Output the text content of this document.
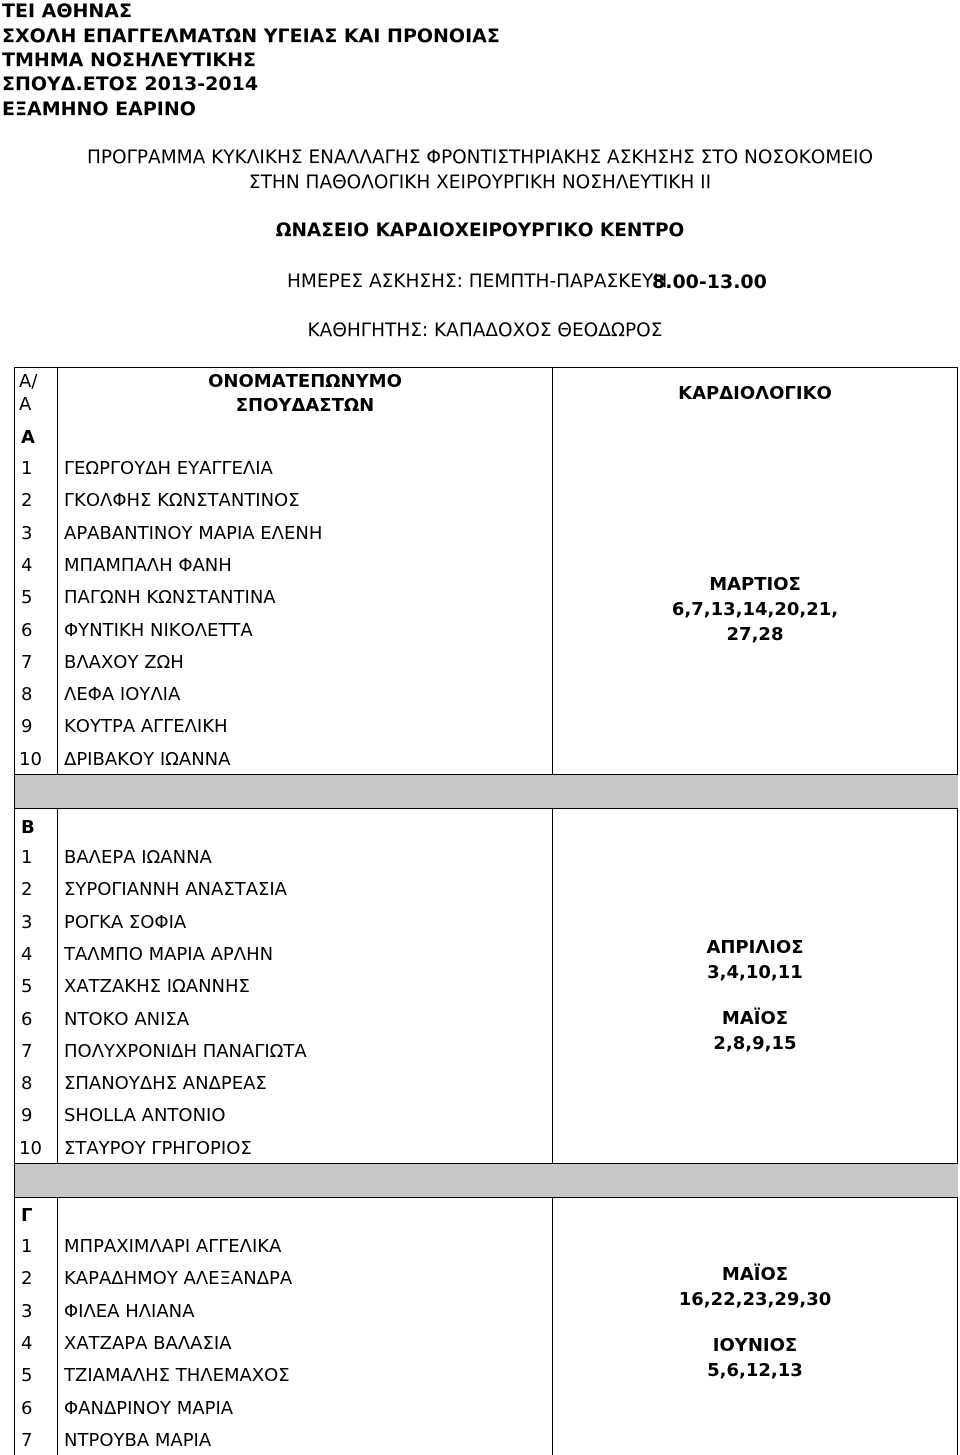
ΤΕΙ ΑΘΗΝΑΣ
ΣΧΟΛΗ ΕΠΑΓΓΕΛΜΑΤΩΝ ΥΓΕΙΑΣ ΚΑΙ ΠΡΟΝΟΙΑΣ
ΤΜΗΜΑ ΝΟΣΗΛΕΥΤΙΚΗΣ
ΣΠΟΥΔ.ΕΤΟΣ 2013-2014
ΕΞΑΜΗΝΟ ΕΑΡΙΝΟ
ΠΡΟΓΡΑΜΜΑ ΚΥΚΛΙΚΗΣ ΕΝΑΛΛΑΓΗΣ ΦΡΟΝΤΙΣΤΗΡΙΑΚΗΣ ΑΣΚΗΣΗΣ ΣΤΟ ΝΟΣΟΚΟΜΕΙΟ
ΣΤΗΝ ΠΑΘΟΛΟΓΙΚΗ ΧΕΙΡΟΥΡΓΙΚΗ ΝΟΣΗΛΕΥΤΙΚΗ ΙΙ
ΩΝΑΣΕΙΟ ΚΑΡΔΙΟΧΕΙΡΟΥΡΓΙΚΟ ΚΕΝΤΡΟ
ΗΜΕΡΕΣ ΑΣΚΗΣΗΣ: ΠΕΜΠΤΗ-ΠΑΡΑΣΚΕΥΗ
8.00-13.00
ΚΑΘΗΓΗΤΗΣ: ΚΑΠΑΔΟΧΟΣ ΘΕΟΔΩΡΟΣ
Α/
Α
ΟΝΟΜΑΤΕΠΩΝΥΜΟ
ΣΠΟΥΔΑΣΤΩΝ
ΚΑΡΔΙΟΛΟΓΙΚΟ
Α
1 ΓΕΩΡΓΟΥΔΗ ΕΥΑΓΓΕΛΙΑ
2 ΓΚΟΛΦΗΣ ΚΩΝΣΤΑΝΤΙΝΟΣ
3 ΑΡΑΒΑΝΤΙΝΟΥ ΜΑΡΙΑ ΕΛΕΝΗ
4 ΜΠΑΜΠΑΛΗ ΦΑΝΗ
5 ΠΑΓΩΝΗ ΚΩΝΣΤΑΝΤΙΝΑ
6 ΦΥΝΤΙΚΗ ΝΙΚΟΛΕΤΤΑ
7 ΒΛΑΧΟΥ ΖΩΗ
8 ΛΕΦΑ ΙΟΥΛΙΑ
9 ΚΟΥΤΡΑ ΑΓΓΕΛΙΚΗ
10 ΔΡΙΒΑΚΟΥ ΙΩΑΝΝΑ
ΜΑΡΤΙΟΣ
6,7,13,14,20,21,
27,28
Β
1 ΒΑΛΕΡΑ ΙΩΑΝΝΑ
2 ΣΥΡΟΓΙΑΝΝΗ ΑΝΑΣΤΑΣΙΑ
3 ΡΟΓΚΑ ΣΟΦΙΑ
4 ΤΑΛΜΠΟ ΜΑΡΙΑ ΑΡΛΗΝ
5 ΧΑΤΖΑΚΗΣ ΙΩΑΝΝΗΣ
6 ΝΤΟΚΟ ΑΝΙΣΑ
7 ΠΟΛΥΧΡΟΝΙΔΗ ΠΑΝΑΓΙΩΤΑ
8 ΣΠΑΝΟΥΔΗΣ ΑΝΔΡΕΑΣ
9 SHOLLA ANTONIO
10 ΣΤΑΥΡΟΥ ΓΡΗΓΟΡΙΟΣ
ΑΠΡΙΛΙΟΣ
3,4,10,11
ΜΑΪΟΣ
2,8,9,15
Γ
1 ΜΠΡΑΧΙΜΛΑΡΙ ΑΓΓΕΛΙΚΑ
2 ΚΑΡΑΔΗΜΟΥ ΑΛΕΞΑΝΔΡΑ
3 ΦΙΛΕΑ ΗΛΙΑΝΑ
4 ΧΑΤΖΑΡΑ ΒΑΛΑΣΙΑ
5 ΤΖΙΑΜΑΛΗΣ ΤΗΛΕΜΑΧΟΣ
6 ΦΑΝΔΡΙΝΟΥ ΜΑΡΙΑ
7 ΝΤΡΟΥΒΑ ΜΑΡΙΑ
ΜΑΪΟΣ
16,22,23,29,30
ΙΟΥΝΙΟΣ
5,6,12,13
